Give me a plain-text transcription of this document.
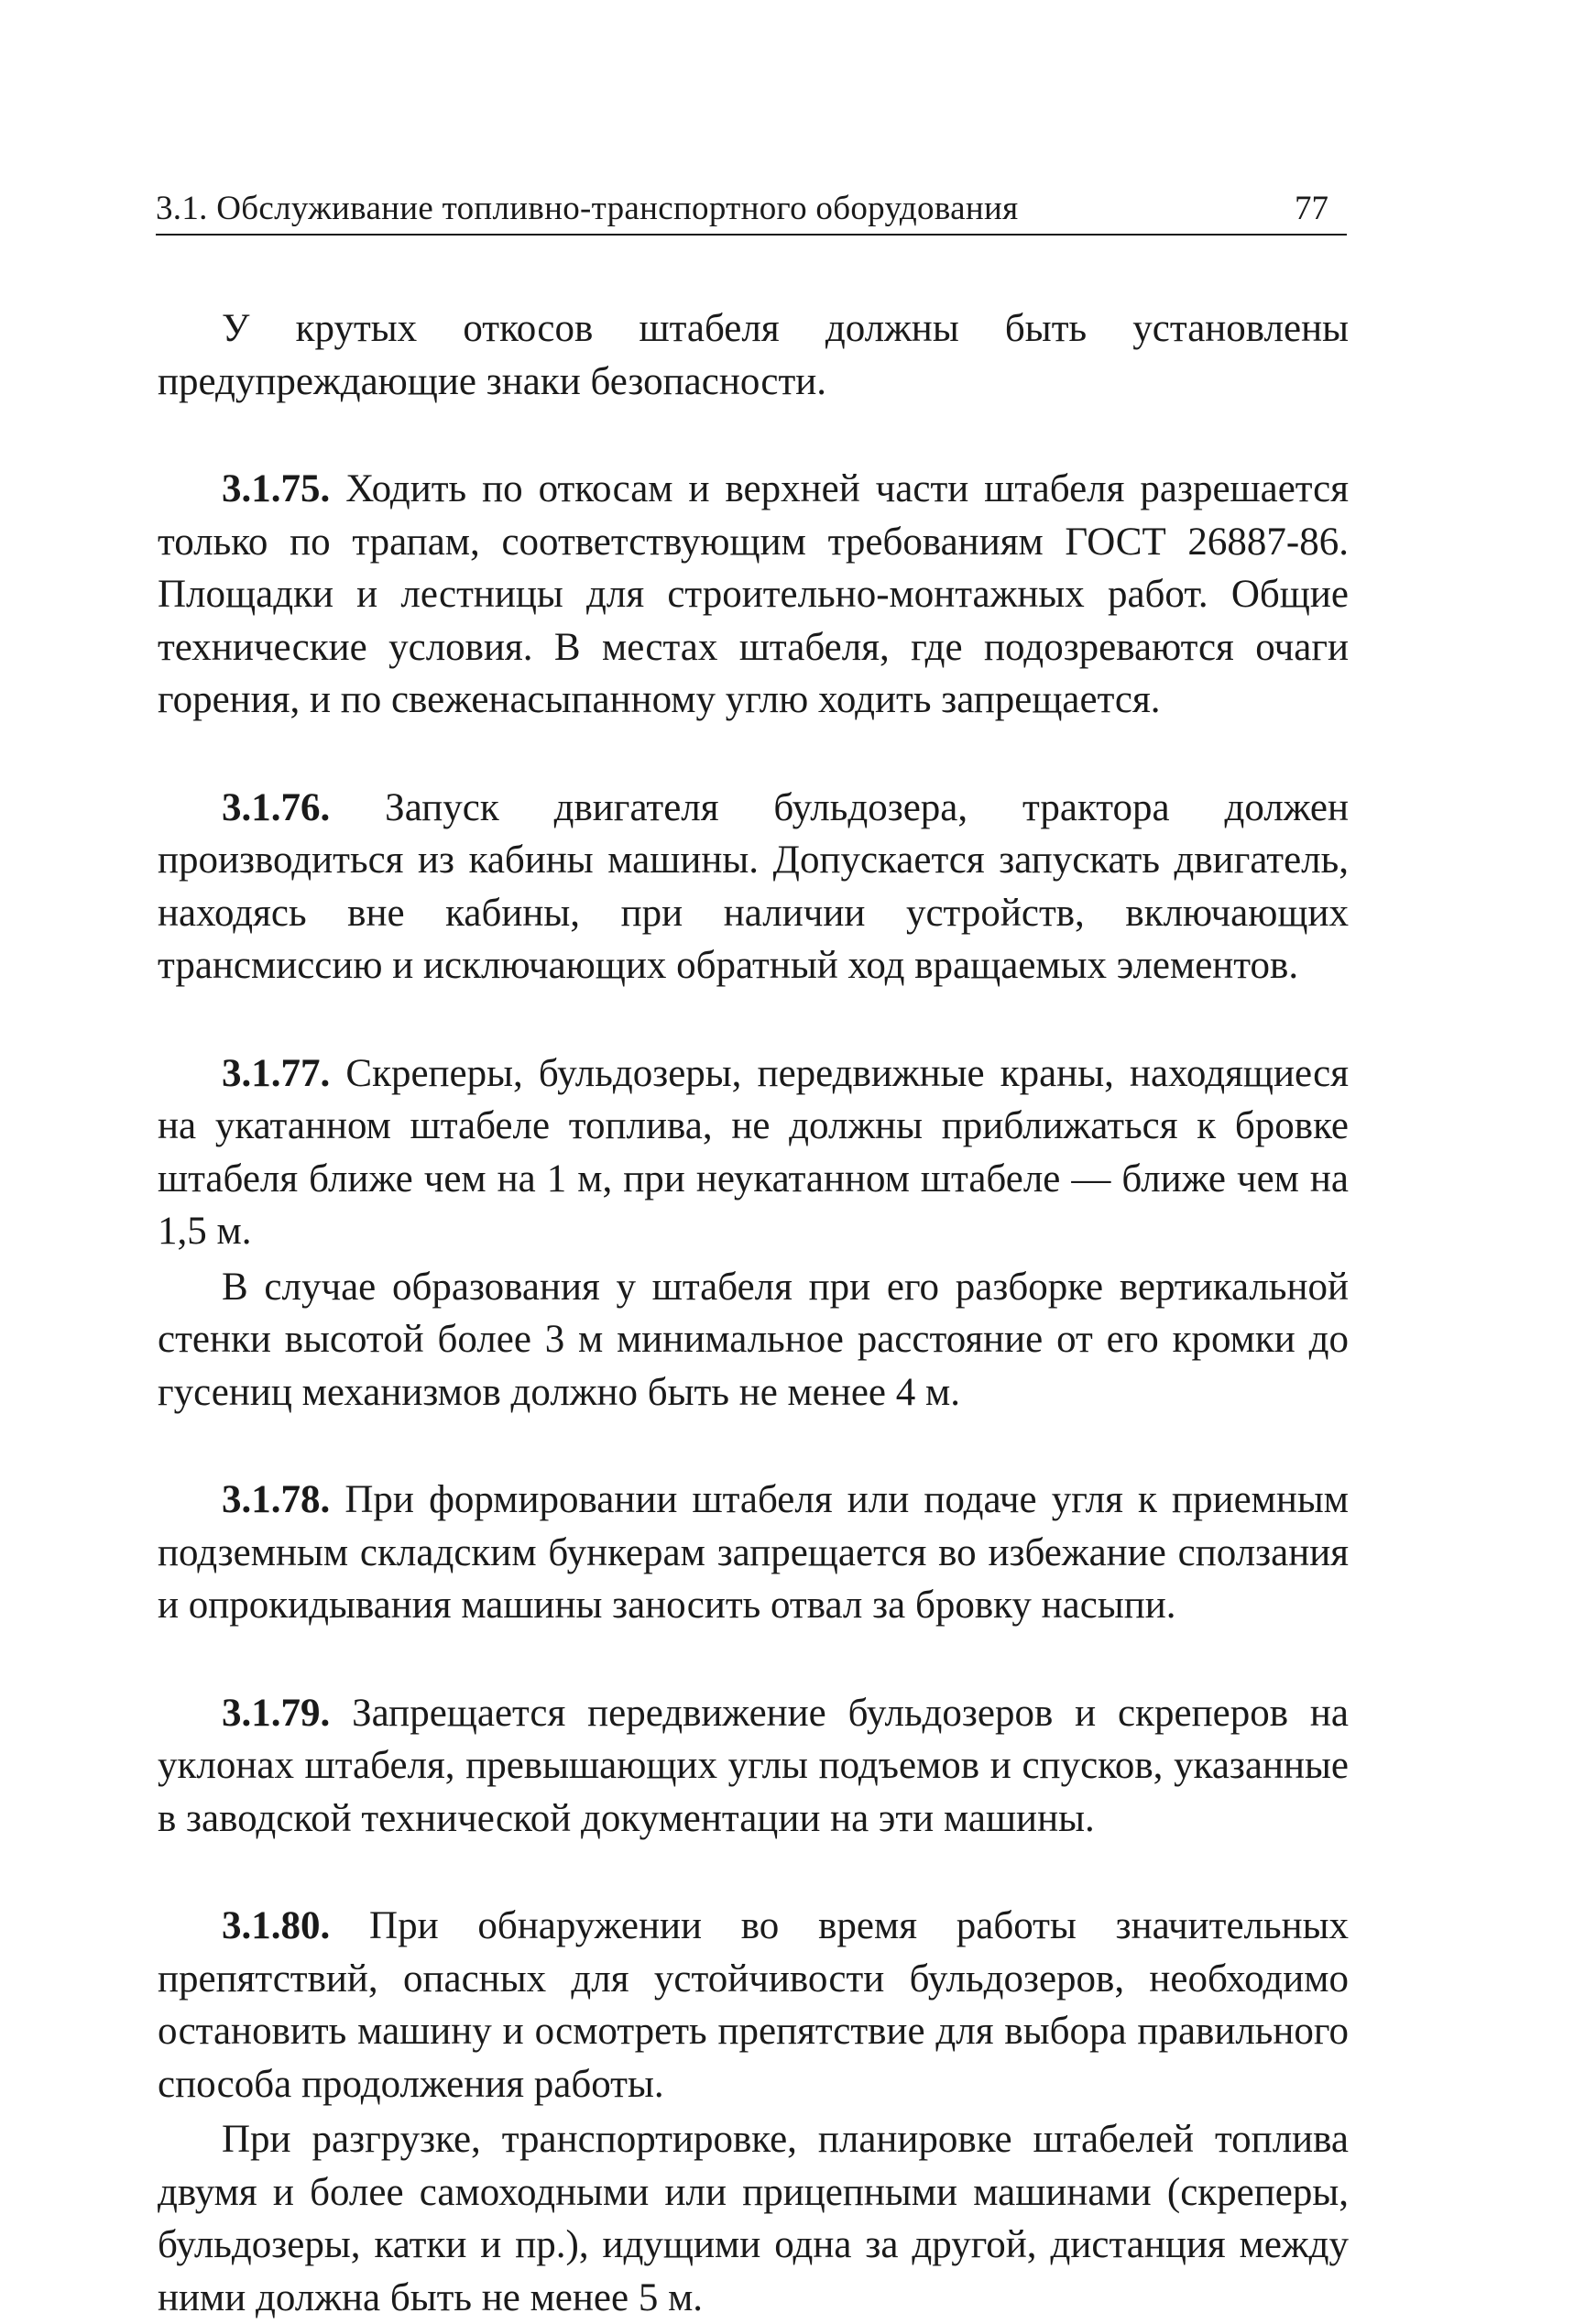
3.1. Обслуживание топливно-транспортного оборудования	77

У крутых откосов штабеля должны быть установлены предупреждающие знаки безопасности.

3.1.75. Ходить по откосам и верхней части штабеля разрешается только по трапам, соответствующим требованиям ГОСТ 26887-86. Площадки и лестницы для строительно-монтажных работ. Общие технические условия. В местах штабеля, где подозреваются очаги горения, и по свеженасыпанному углю ходить запрещается.

3.1.76. Запуск двигателя бульдозера, трактора должен производиться из кабины машины. Допускается запускать двигатель, находясь вне кабины, при наличии устройств, включающих трансмиссию и исключающих обратный ход вращаемых элементов.

3.1.77. Скреперы, бульдозеры, передвижные краны, находящиеся на укатанном штабеле топлива, не должны приближаться к бровке штабеля ближе чем на 1 м, при неукатанном штабеле — ближе чем на 1,5 м.

В случае образования у штабеля при его разборке вертикальной стенки высотой более 3 м минимальное расстояние от его кромки до гусениц механизмов должно быть не менее 4 м.

3.1.78. При формировании штабеля или подаче угля к приемным подземным складским бункерам запрещается во избежание сползания и опрокидывания машины заносить отвал за бровку насыпи.

3.1.79. Запрещается передвижение бульдозеров и скреперов на уклонах штабеля, превышающих углы подъемов и спусков, указанные в заводской технической документации на эти машины.

3.1.80. При обнаружении во время работы значительных препятствий, опасных для устойчивости бульдозеров, необходимо остановить машину и осмотреть препятствие для выбора правильного способа продолжения работы.

При разгрузке, транспортировке, планировке штабелей топлива двумя и более самоходными или прицепными машинами (скреперы, бульдозеры, катки и пр.), идущими одна за другой, дистанция между ними должна быть не менее 5 м.
